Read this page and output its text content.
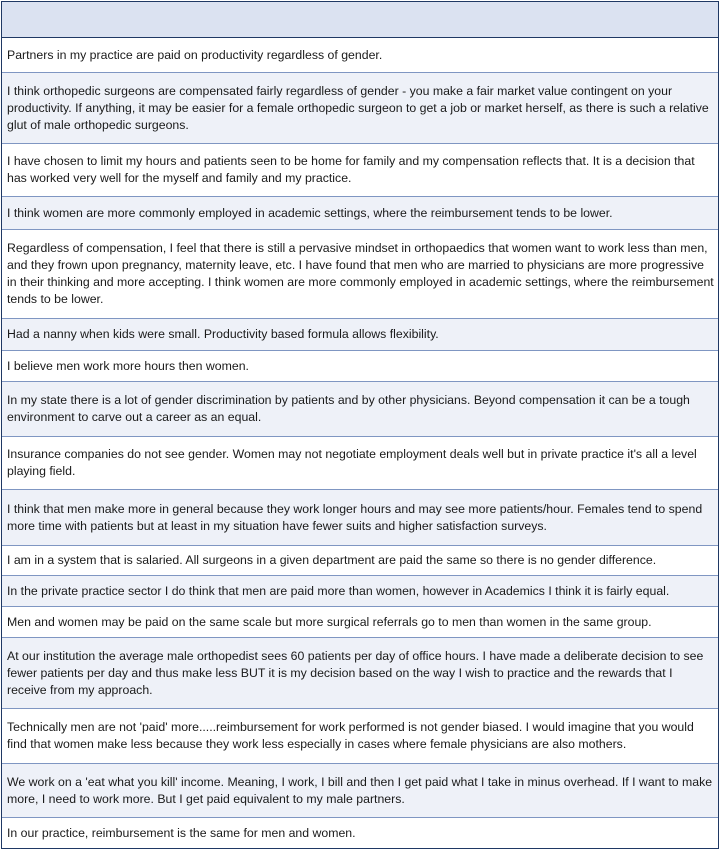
Partners in my practice are paid on productivity regardless of gender.
I think orthopedic surgeons are compensated fairly regardless of gender - you make a fair market value contingent on your productivity. If anything, it may be easier for a female orthopedic surgeon to get a job or market herself, as there is such a relative glut of male orthopedic surgeons.
I have chosen to limit my hours and patients seen to be home for family and my compensation reflects that. It is a decision that has worked very well for the myself and family and my practice.
I think women are more commonly employed in academic settings, where the reimbursement tends to be lower.
Regardless of compensation, I feel that there is still a pervasive mindset in orthopaedics that women want to work less than men, and they frown upon pregnancy, maternity leave, etc. I have found that men who are married to physicians are more progressive in their thinking and more accepting. I think women are more commonly employed in academic settings, where the reimbursement tends to be lower.
Had a nanny when kids were small. Productivity based formula allows flexibility.
I believe men work more hours then women.
In my state there is a lot of gender discrimination by patients and by other physicians. Beyond compensation it can be a tough environment to carve out a career as an equal.
Insurance companies do not see gender. Women may not negotiate employment deals well but in private practice it's all a level playing field.
I think that men make more in general because they work longer hours and may see more patients/hour. Females tend to spend more time with patients but at least in my situation have fewer suits and higher satisfaction surveys.
I am in a system that is salaried. All surgeons in a given department are paid the same so there is no gender difference.
In the private practice sector I do think that men are paid more than women, however in Academics I think it is fairly equal.
Men and women may be paid on the same scale but more surgical referrals go to men than women in the same group.
At our institution the average male orthopedist sees 60 patients per day of office hours. I have made a deliberate decision to see fewer patients per day and thus make less BUT it is my decision based on the way I wish to practice and the rewards that I receive from my approach.
Technically men are not 'paid' more.....reimbursement for work performed is not gender biased. I would imagine that you would find that women make less because they work less especially in cases where female physicians are also mothers.
We work on a 'eat what you kill' income. Meaning, I work, I bill and then I get paid what I take in minus overhead. If I want to make more, I need to work more. But I get paid equivalent to my male partners.
In our practice, reimbursement is the same for men and women.
